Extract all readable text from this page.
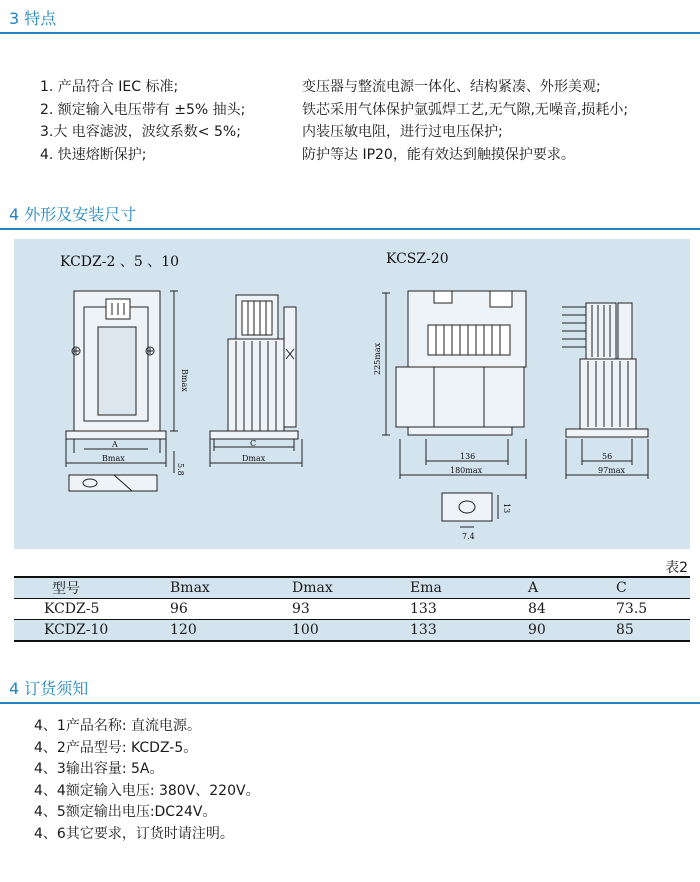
3 特点
1. 产品符合 IEC 标准;
2. 额定输入电压带有 ±5% 抽头;
3.大 电容滤波，波纹系数< 5%;
4. 快速熔断保护;
变压器与整流电源一体化、结构紧凑、外形美观;
铁芯采用气体保护氩弧焊工艺,无气隙,无噪音,损耗小;
内装压敏电阻，进行过电压保护;
防护等达 IP20，能有效达到触摸保护要求。
4 外形及安装尺寸
KCDZ-2 、5 、10	KCSZ-20
A
Bmax
Bmax
5.8
C
Dmax
225max
136
180max
56
97max
7.4
13
表2
型号	Bmax	Dmax	Ema	A	C
KCDZ-5	96	93	133	84	73.5
KCDZ-10	120	100	133	90	85
4 订货须知
4、1产品名称: 直流电源。
4、2产品型号: KCDZ-5。
4、3输出容量: 5A。
4、4额定输入电压: 380V、220V。
4、5额定输出电压:DC24V。
4、6其它要求，订货时请注明。
